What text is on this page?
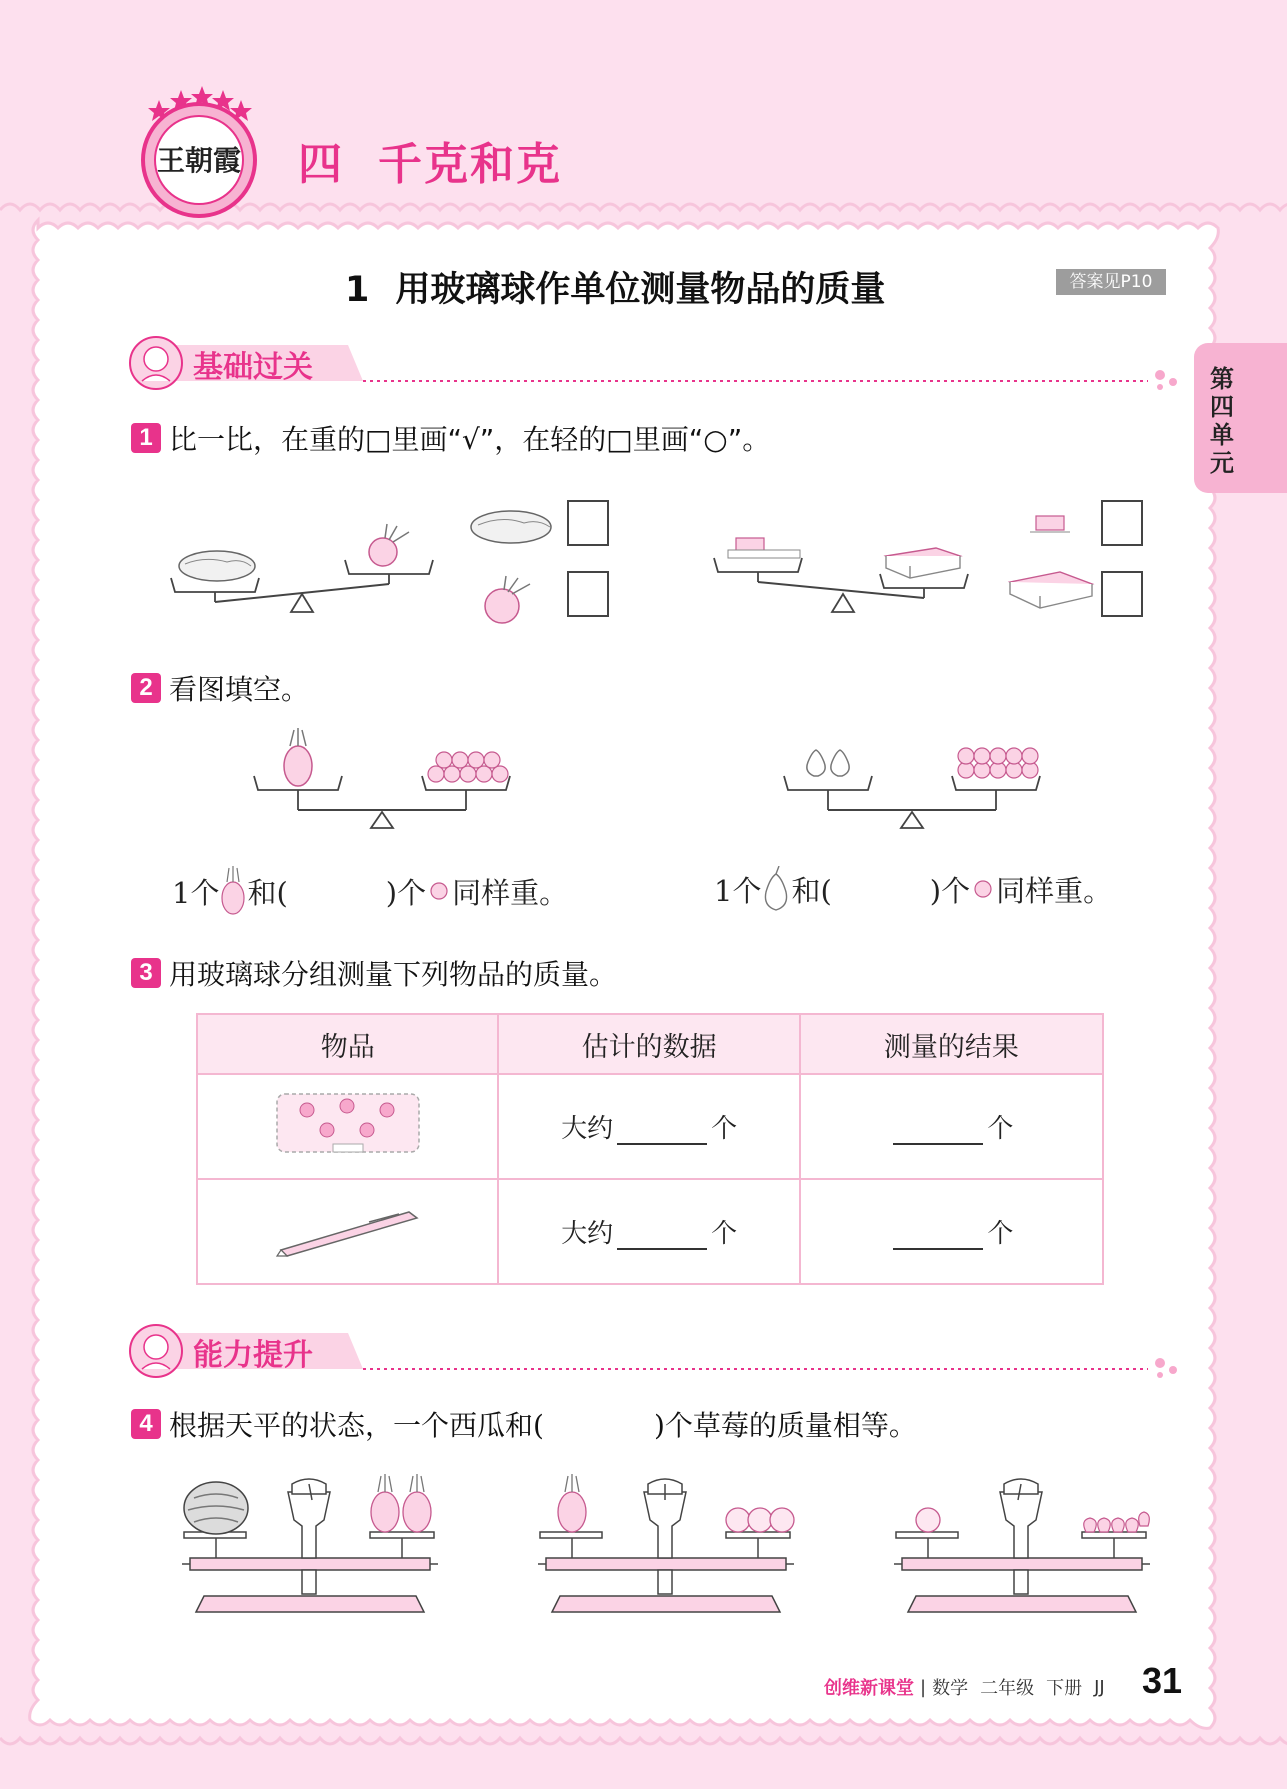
王朝霞 四 千克和克
1 用玻璃球作单位测量物品的质量	答案见P10
第四单元
基础过关
1 比一比，在重的□里画“√”，在轻的□里画“○”。
2 看图填空。
1个 和(	)个 同样重。	1个 和(	)个 同样重。
3 用玻璃球分组测量下列物品的质量。
物品	估计的数据	测量的结果
	大约 个	个
	大约 个	个
能力提升
4 根据天平的状态，一个西瓜和(	)个草莓的质量相等。
创维新课堂 | 数学 二年级 下册 JJ 31
